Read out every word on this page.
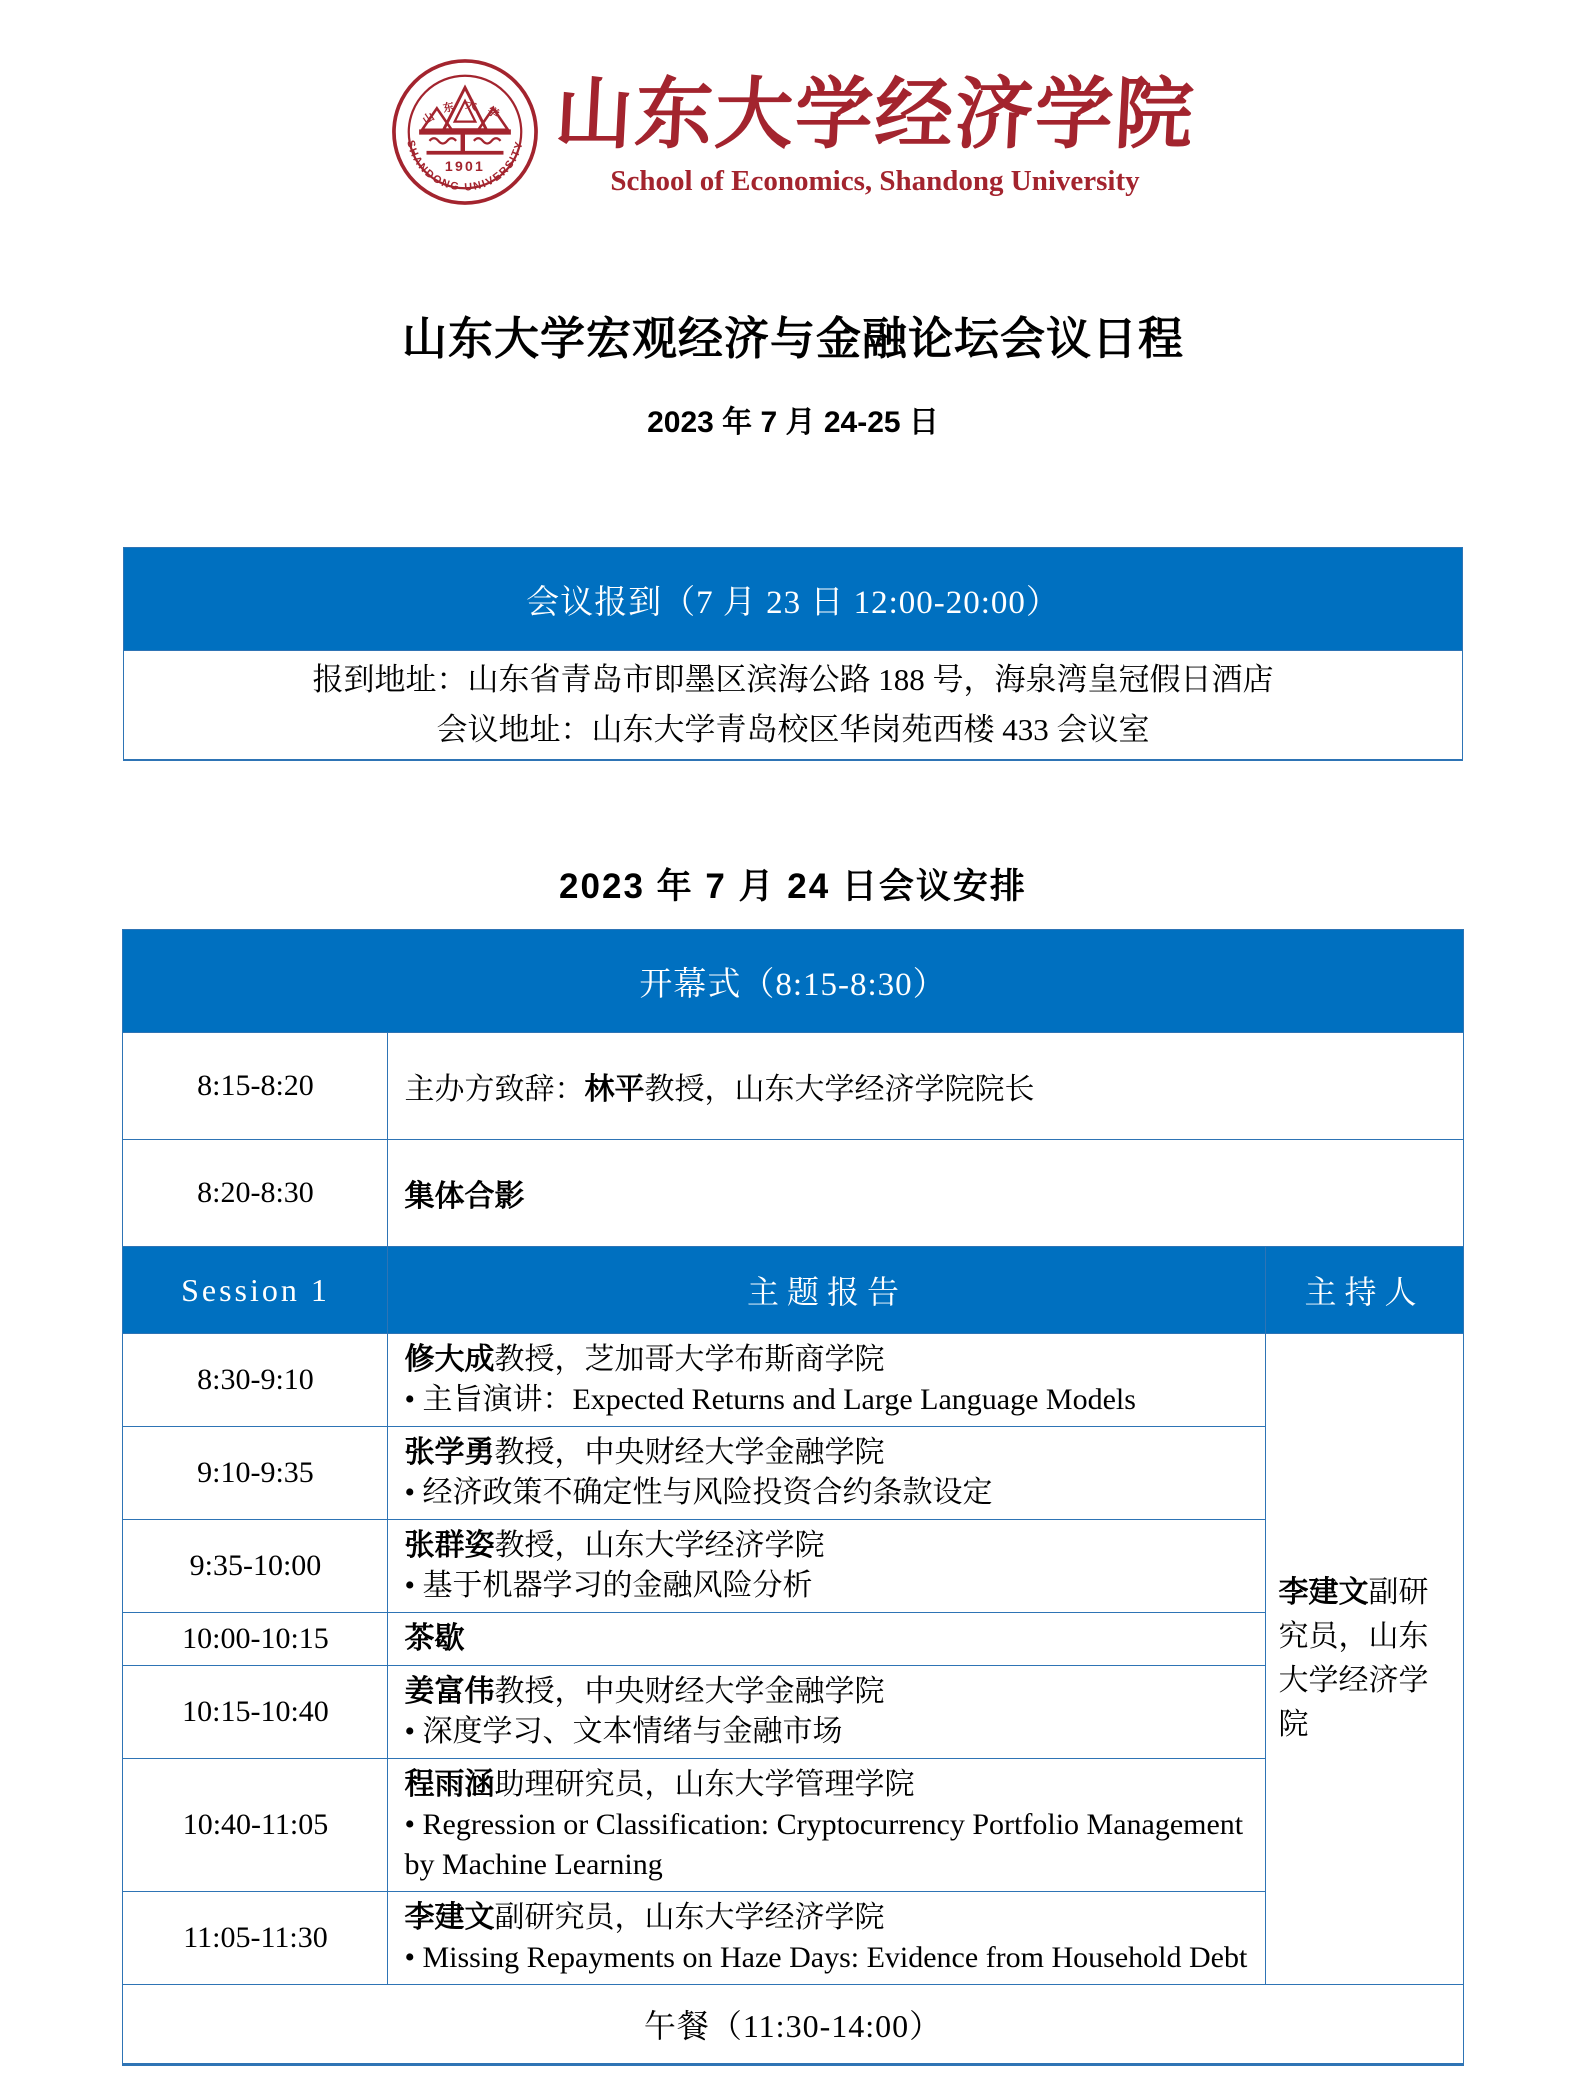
SHANDONG UNIVERSITY
山东大学
1901
山东大学经济学院
School of Economics, Shandong University
山东大学宏观经济与金融论坛会议日程
2023 年 7 月 24-25 日
会议报到（7 月 23 日 12:00-20:00）

报到地址：山东省青岛市即墨区滨海公路 188 号，海泉湾皇冠假日酒店
会议地址：山东大学青岛校区华岗苑西楼 433 会议室
2023 年 7 月 24 日会议安排
开幕式（8:15-8:30）		
8:15-8:20	主办方致辞：林平教授，山东大学经济学院院长	
8:20-8:30	集体合影	
Session 1	主题报告	主持人
8:30-9:10	修大成教授，芝加哥大学布斯商学院
• 主旨演讲：Expected Returns and Large Language Models	李建文副研究员，山东大学经济学院
9:10-9:35	张学勇教授，中央财经大学金融学院
• 经济政策不确定性与风险投资合约条款设定	

9:35-10:00	张群姿教授，山东大学经济学院
• 基于机器学习的金融风险分析	

10:00-10:15	茶歇	

10:15-10:40	姜富伟教授，中央财经大学金融学院
• 深度学习、文本情绪与金融市场	

10:40-11:05	程雨涵助理研究员，山东大学管理学院
• Regression or Classification: Cryptocurrency Portfolio Management by Machine Learning	

11:05-11:30	李建文副研究员，山东大学经济学院
• Missing Repayments on Haze Days: Evidence from Household Debt	

午餐（11:30-14:00）		
